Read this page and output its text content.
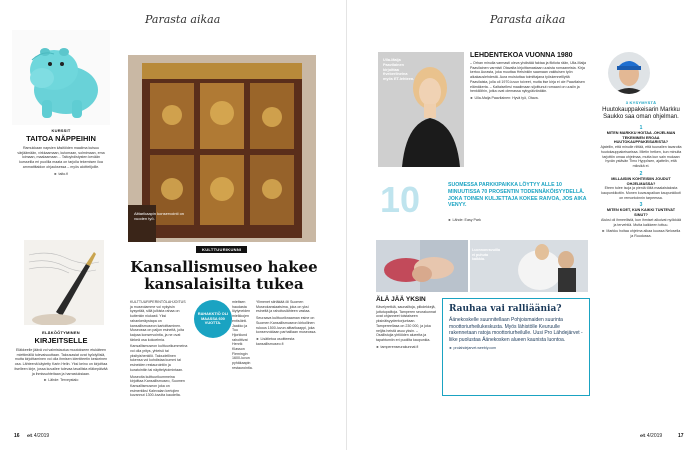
Parasta aikaa	Parasta aikaa
16 et 4/2019	et 4/2019	17
KURSSIT
TAITOA NÄPPEIHIN
Ramukkaan napsien käsitöiden maailma kutsuu värjäämään, virkkaamaan, kutomaan, solmimaan, ema loimaan, maalaamaan… Taitoyhdistysten kevään kursseilla eri puolilla maata on tarjolla tekemisen iloa ammattitaidon ohjauksessa – myös aloittelijoille.
► taito.fi
ELÄKÖÖTYMINEN
KIRJEITSELLE
Eläkkeelle jäävä voi valmistautua muutokseen etukäteen miettimällä tulevaisuuttaan. Talousasiat ovat hyödyllisiä, mutta kirjoittaminen voi olla ihmisen identiteetin keskeinen osa. Lähteenä käytetty Karin Helin. Yksi keino on kirjoittaa itselleen kirje, jossa kuvailee tulevaa tavallista eläkepäivää ja ihmissuhteitaan ja harrastuksiaan.
► Lähde: Terveystalo
Alttarikaapin konservointi on vuoden työ.
KULTTUURIKUNNI
Kansallismuseo hakee kansalaisilta tukea
KULTTUURIPERINTÖLAHJOITUS ja museoiamme voi nykyisin kysyntää, sillä julkista rahaa on kuitenkin niukasti. Yksi rahankeräystapa on kansallismuseon kartoittaminen. Museossa on paljon esineitä, joita kaipaa konservointia, ja ne ovat tärkeä osa kokoelmia.
Kansallismuseon kulttuurikummeina voi olla yritys, yhteisö tai yksityishenkilö. Taloudellinen tukensa voi kohdistaa kummi tai esineiden restaurointiin ja kuratointiin tai näyttelytoimintaan.
Museoita kulttuurikummeina kirjoittaa Kansallismuseo, Suomen Kansallismuseon joka on esimerkiksi Kalevalan kertojien kuvannut 1300-luvulta kaudelta.
mieltsen haudasta löytyneiden mielkkojen entisöinti. Jaakko ja Tuu Hjorklund rahoittivat Henrik Klasson Flemingin 1600-luvun pyhäkaapin restaurointia.
RAHAKKTIÖ OLI MAASSA 600 VUOTTA.
Ylimenet siirtäkää öli Suomen Museokansiaatsima, joka on yksi esineitä ja rahoituslähteen vastaa.
Seuraava kulttuuriknaaman esine on Suomen Kansallismuseon kirkollinen rukous 1500-luvun alttarikaappi, joka konservoidaan parhaillaan museossa.
► Lisätietoa osoitteesta kansallismuseo.fi
Ulla-Maija Paavilainen kirjoittaa fiveberlineina myös ET-lehteen.
LEHDENTEKOA VUONNA 1980
– Orhan minulla varmasti oleva yhdistää faktaa ja fiktiota rään, Ulla-Maija Paavilainen varmisti Otavalta kirjoittamastaan uusista romaaneista. Kirja kertoo Aurasta, joka muuttaa Helsinkiin saamaan vakituisen työn aikakauslehdestä. Aura muistuttaa toimittajana työskennelllyttä Paavilaista, jolla oli 1970-luvun toiveet, mutta itse kirja ei ole Paavilaisen elämäkerta. – Kaltaisellesi maailmaan sijoittunut romaani on uusiin ja henkilöihin, jotka ovat olemassa nykypäivänäkin.
► Ulla-Maija Paavilainen: Hyvä työ, Otava.
10	SUOMESSA PARKKIPAIKKA LÖYTYY ALLE 10 MINUUTISSA 70 PROSENTIN TODENNÄKÖISYYDELLÄ. JOKA TOINEN KULJETTAJA KOKEE RAIVOA, JOS AIKA VENYY.
► Lähde: Easy Park
Luonnonravuilla ei puhuta kaikkia.
ÄLÄ JÄÄ YKSIN
Kävelyretkiä, saunailtoja, piikdekkejä, juttutupailtoja. Tamperen seurakunnat ovat ohjanneet toistaiseen yksinäisyydentorjuntaan. Tampereellasa on 230 000, ja joka neljäs heistä asuu yksin. – Osallistujia yhtiöiden alueelta ja tapahtumiin eri puolilta kaupunkia.
► tamperenseurakunnat.fi
Rauhaa vai ralliäänia?
Äänekoskelle suunnitellaan Pohjoismaiden suurinta moottoriurheilukeskusta. Myös lähistölle Keuruulle rakennetaan ratoja moottoriurheilulle. Uusi Pro Lähdejärvet -liike puolustaa Äänekosken alueen kaunista luontoa.
► prolahdejarvet.weebly.com
3 KYSYMYSTÄ
Huutokauppakeisarin Markku Saukko saa oman ohjelman.
1
MITEN MARKKU HOITAA -OHJELMAN TEKEMINEN EROAA HUUTOKAUPPAKEISARISTA?
Ajatellin, että minulle riittää, että tuunailen tavaroita huutokauppakeisarissa. Mietin hetken, kun minulta tarjottiin omaa ohjelmaa, mutta kun sain mukaan hyvän ystävän Timo Hyppösen, ajattelin, että miksikä ei.
2
MILLAISIIN KOHTEISIIN JOUDUT OHJELMASSA?
Eteen tulee isoja ja pieniä töitä maalaistalosta kaupunkikotiin. Monen kuvauspaikan kaupunkikoti on remontoinnin tarpeessa.
3
MITEN KOET, KUN KAIKKI TUNTEVAT SINUT?
Aluksi oli ihmeellistä, kun ihmiset alkoivat nyökkää ja tervehtiä. Mutta kaikkeen tottuu.
► Markku hoitaa ohjelma alkaa kuussa Nelosella ja Ruudussa.
